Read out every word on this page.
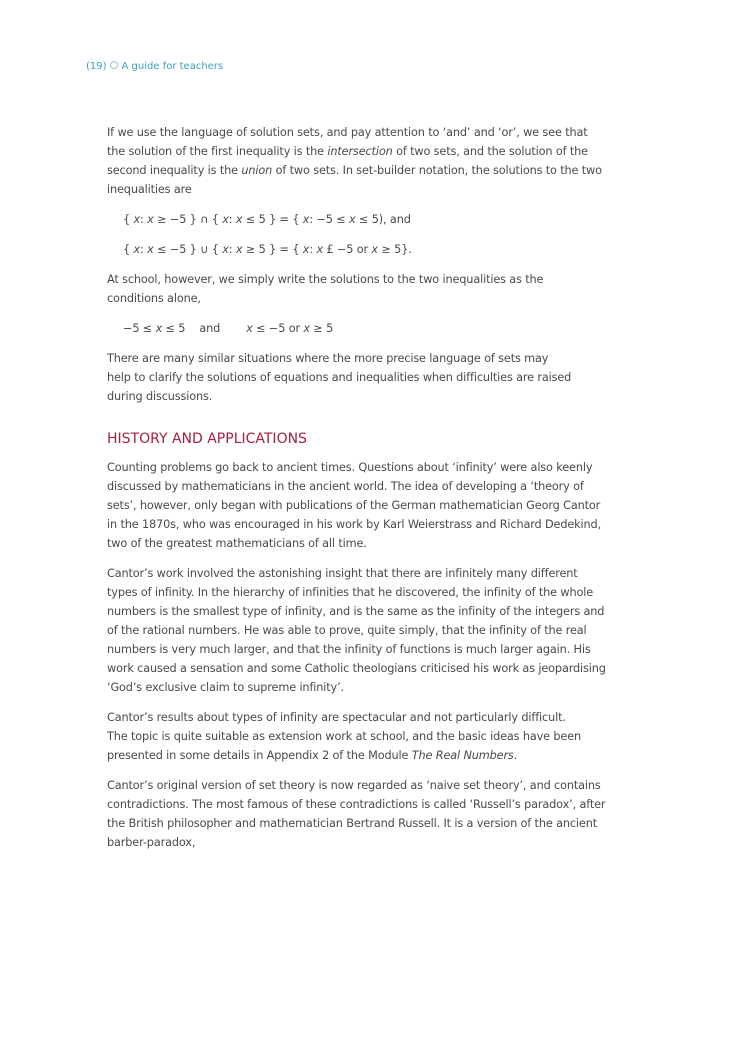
(19) A guide for teachers
If we use the language of solution sets, and pay attention to ‘and’ and ‘or’, we see that
the solution of the first inequality is the intersection of two sets, and the solution of the
second inequality is the union of two sets. In set-builder notation, the solutions to the two
inequalities are
{ x: x ≥ −5 } ∩ { x: x ≤ 5 } = { x: −5 ≤ x ≤ 5), and
{ x: x ≤ −5 } ∪ { x: x ≥ 5 } = { x: x £ −5 or x ≥ 5}.
At school, however, we simply write the solutions to the two inequalities as the
conditions alone,
−5 ≤ x ≤ 5 and x ≤ −5 or x ≥ 5
There are many similar situations where the more precise language of sets may
help to clarify the solutions of equations and inequalities when difficulties are raised
during discussions.
HISTORY AND APPLICATIONS
Counting problems go back to ancient times. Questions about ‘infinity’ were also keenly
discussed by mathematicians in the ancient world. The idea of developing a ‘theory of
sets’, however, only began with publications of the German mathematician Georg Cantor
in the 1870s, who was encouraged in his work by Karl Weierstrass and Richard Dedekind,
two of the greatest mathematicians of all time.
Cantor’s work involved the astonishing insight that there are infinitely many different
types of infinity. In the hierarchy of infinities that he discovered, the infinity of the whole
numbers is the smallest type of infinity, and is the same as the infinity of the integers and
of the rational numbers. He was able to prove, quite simply, that the infinity of the real
numbers is very much larger, and that the infinity of functions is much larger again. His
work caused a sensation and some Catholic theologians criticised his work as jeopardising
‘God’s exclusive claim to supreme infinity’.
Cantor’s results about types of infinity are spectacular and not particularly difficult.
The topic is quite suitable as extension work at school, and the basic ideas have been
presented in some details in Appendix 2 of the Module The Real Numbers.
Cantor’s original version of set theory is now regarded as ‘naive set theory’, and contains
contradictions. The most famous of these contradictions is called ‘Russell’s paradox’, after
the British philosopher and mathematician Bertrand Russell. It is a version of the ancient
barber-paradox,
